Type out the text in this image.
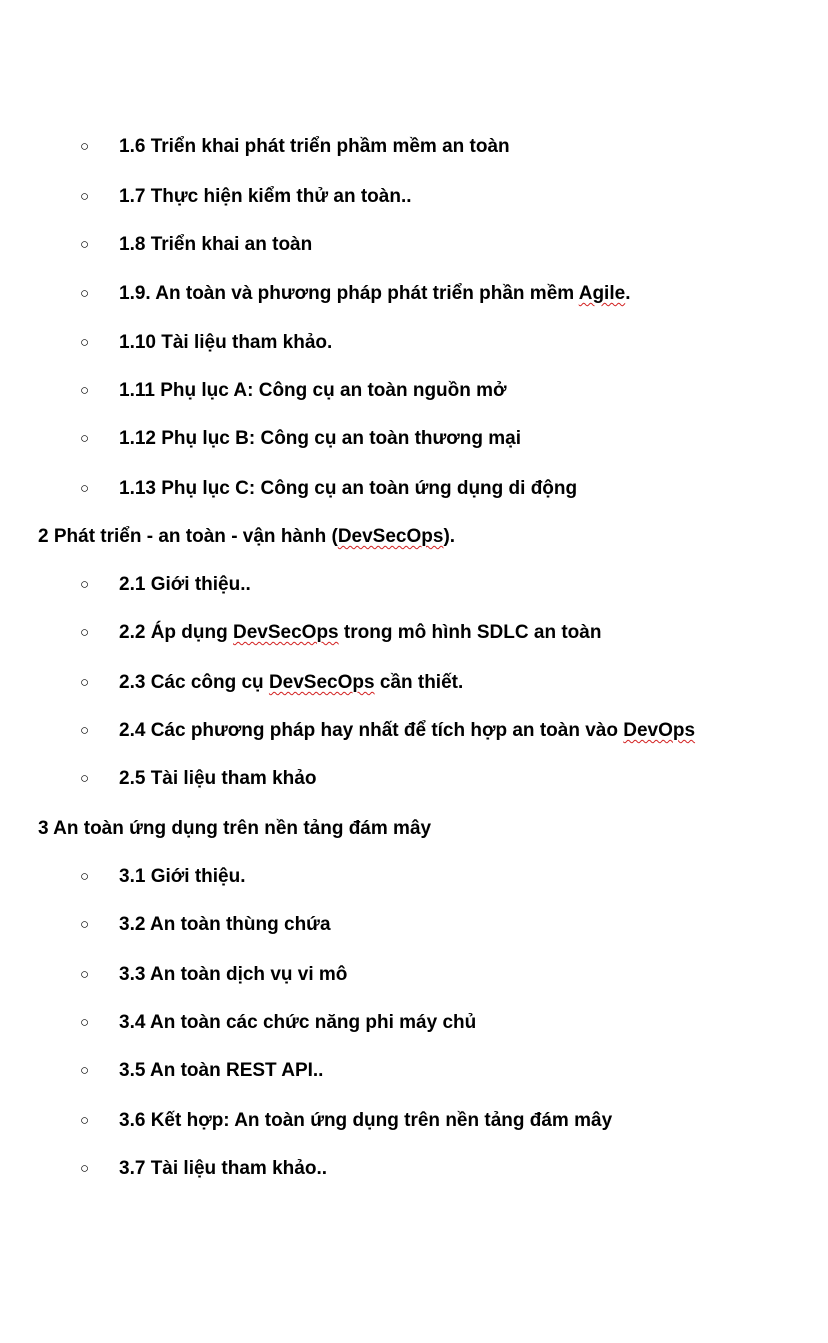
○ 1.6 Triển khai phát triển phầm mềm an toàn
○ 1.7 Thực hiện kiểm thử an toàn..
○ 1.8 Triển khai an toàn
○ 1.9. An toàn và phương pháp phát triển phần mềm Agile.
○ 1.10 Tài liệu tham khảo.
○ 1.11 Phụ lục A: Công cụ an toàn nguồn mở
○ 1.12 Phụ lục B: Công cụ an toàn thương mại
○ 1.13 Phụ lục C: Công cụ an toàn ứng dụng di động
2 Phát triển - an toàn - vận hành (DevSecOps).
○ 2.1 Giới thiệu..
○ 2.2 Áp dụng DevSecOps trong mô hình SDLC an toàn
○ 2.3 Các công cụ DevSecOps cần thiết.
○ 2.4 Các phương pháp hay nhất để tích hợp an toàn vào DevOps
○ 2.5 Tài liệu tham khảo
3 An toàn ứng dụng trên nền tảng đám mây
○ 3.1 Giới thiệu.
○ 3.2 An toàn thùng chứa
○ 3.3 An toàn dịch vụ vi mô
○ 3.4 An toàn các chức năng phi máy chủ
○ 3.5 An toàn REST API..
○ 3.6 Kết hợp: An toàn ứng dụng trên nền tảng đám mây
○ 3.7 Tài liệu tham khảo..
